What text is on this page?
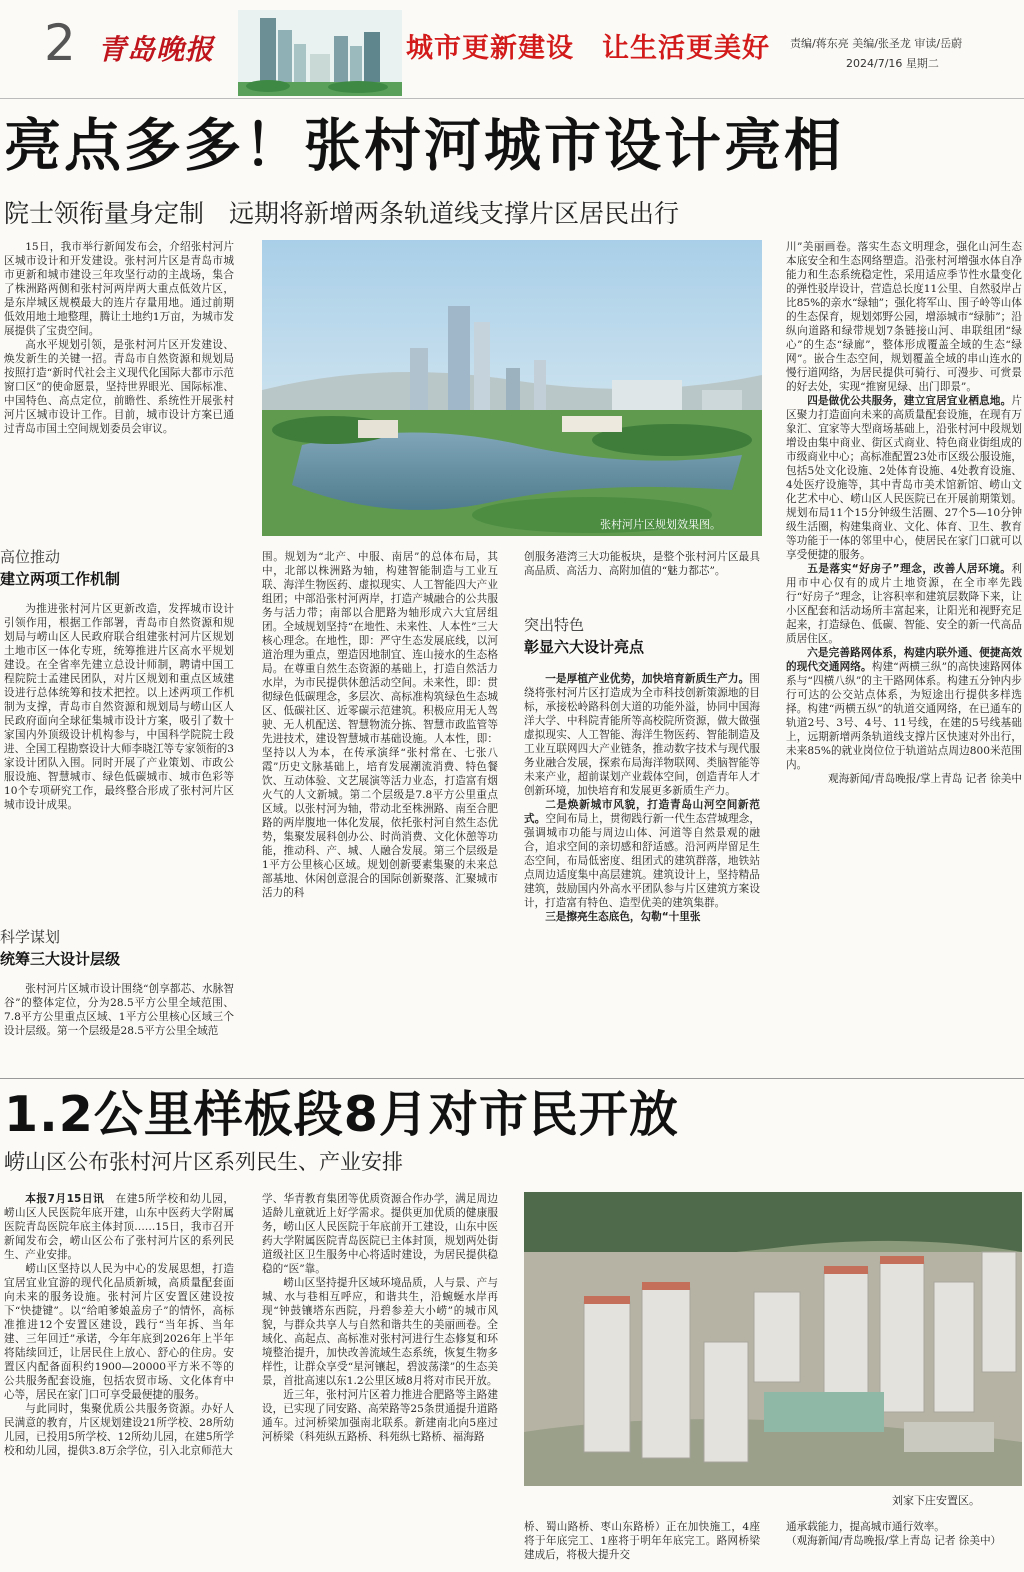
2 青岛晚报	城市更新建设　让生活更美好 责编/蒋东亮 美编/张圣龙 审读/岳蔚
2024/7/16 星期二
亮点多多！张村河城市设计亮相
院士领衔量身定制　远期将新增两条轨道线支撑片区居民出行

15日，我市举行新闻发布会，介绍张村河片区城市设计和开发建设。张村河片区是青岛市城市更新和城市建设三年攻坚行动的主战场，集合了株洲路两侧和张村河两岸两大重点低效片区，是东岸城区规模最大的连片存量用地。通过前期低效用地土地整理，腾让土地约1万亩，为城市发展提供了宝贵空间。

高水平规划引领，是张村河片区开发建设、焕发新生的关键一招。青岛市自然资源和规划局按照打造“新时代社会主义现代化国际大都市示范窗口区”的使命愿景，坚持世界眼光、国际标准、中国特色、高点定位，前瞻性、系统性开展张村河片区城市设计工作。目前，城市设计方案已通过青岛市国土空间规划委员会审议。

高位推动
建立两项工作机制

为推进张村河片区更新改造，发挥城市设计引领作用，根据工作部署，青岛市自然资源和规划局与崂山区人民政府联合组建张村河片区规划土地市区一体化专班，统筹推进片区高水平规划建设。在全省率先建立总设计师制，聘请中国工程院院士孟建民团队，对片区规划和重点区域建设进行总体统筹和技术把控。以上述两项工作机制为支撑，青岛市自然资源和规划局与崂山区人民政府面向全球征集城市设计方案，吸引了数十家国内外顶级设计机构参与，中国科学院院士段进、全国工程勘察设计大师李晓江等专家领衔的3家设计团队入围。同时开展了产业策划、市政公服设施、智慧城市、绿色低碳城市、城市色彩等10个专项研究工作，最终整合形成了张村河片区城市设计成果。

科学谋划
统筹三大设计层级

张村河片区城市设计围绕“创享都芯、水脉智谷”的整体定位，分为28.5平方公里全域范围、7.8平方公里重点区域、1平方公里核心区域三个设计层级。第一个层级是28.5平方公里全域范

张村河片区规划效果图。

围。规划为“北产、中服、南居”的总体布局，其中，北部以株洲路为轴，构建智能制造与工业互联、海洋生物医药、虚拟现实、人工智能四大产业组团；中部沿张村河两岸，打造产城融合的公共服务与活力带；南部以合肥路为轴形成六大宜居组团。全域规划坚持“在地性、未来性、人本性”三大核心理念。在地性，即：严守生态发展底线，以河道治理为重点，塑造因地制宜、连山接水的生态格局。在尊重自然生态资源的基础上，打造自然活力水岸，为市民提供休憩活动空间。未来性，即：贯彻绿色低碳理念，多层次、高标准构筑绿色生态城区、低碳社区、近零碳示范建筑。积极应用无人驾驶、无人机配送、智慧物流分拣、智慧市政监管等先进技术，建设智慧城市基础设施。人本性，即：坚持以人为本，在传承演绎“张村常在、七张八霞”历史文脉基础上，培育发展潮流消费、特色餐饮、互动体验、文艺展演等活力业态，打造富有烟火气的人文新城。第二个层级是7.8平方公里重点区域。以张村河为轴，带动北至株洲路、南至合肥路的两岸腹地一体化发展，依托张村河自然生态优势，集聚发展科创办公、时尚消费、文化休憩等功能，推动科、产、城、人融合发展。第三个层级是1平方公里核心区域。规划创新要素集聚的未来总部基地、休闲创意混合的国际创新聚落、汇聚城市活力的科

创服务港湾三大功能板块，是整个张村河片区最具高品质、高活力、高附加值的“魅力都芯”。

突出特色
彰显六大设计亮点

一是厚植产业优势，加快培育新质生产力。围绕将张村河片区打造成为全市科技创新策源地的目标，承接松岭路科创大道的功能外溢，协同中国海洋大学、中科院青能所等高校院所资源，做大做强虚拟现实、人工智能、海洋生物医药、智能制造及工业互联网四大产业链条，推动数字技术与现代服务业融合发展，探索布局海洋物联网、类脑智能等未来产业，超前谋划产业载体空间，创造青年人才创新环境，加快培育和发展更多新质生产力。

二是焕新城市风貌，打造青岛山河空间新范式。空间布局上，贯彻践行新一代生态营城理念，强调城市功能与周边山体、河道等自然景观的融合，追求空间的亲切感和舒适感。沿河两岸留足生态空间，布局低密度、组团式的建筑群落，地铁站点周边适度集中高层建筑。建筑设计上，坚持精品建筑，鼓励国内外高水平团队参与片区建筑方案设计，打造富有特色、造型优美的建筑集群。

三是擦亮生态底色，勾勒“十里张

川”美丽画卷。落实生态文明理念，强化山河生态本底安全和生态网络塑造。沿张村河增强水体自净能力和生态系统稳定性，采用适应季节性水量变化的弹性驳岸设计，营造总长度11公里、自然驳岸占比85%的亲水“绿轴”；强化将军山、围子岭等山体的生态保育，规划郊野公园，增添城市“绿肺”；沿纵向道路和绿带规划7条链接山河、串联组团“绿心”的生态“绿廊”，整体形成覆盖全域的生态“绿网”。嵌合生态空间，规划覆盖全域的串山连水的慢行道网络，为居民提供可骑行、可漫步、可赏景的好去处，实现“推窗见绿、出门即景”。

四是做优公共服务，建立宜居宜业栖息地。片区聚力打造面向未来的高质量配套设施，在现有万象汇、宜家等大型商场基础上，沿张村河中段规划增设由集中商业、街区式商业、特色商业街组成的市级商业中心；高标准配置23处市区级公服设施，包括5处文化设施、2处体育设施、4处教育设施、4处医疗设施等，其中青岛市美术馆新馆、崂山文化艺术中心、崂山区人民医院已在开展前期策划。规划布局11个15分钟级生活圈、27个5—10分钟级生活圈，构建集商业、文化、体育、卫生、教育等功能于一体的邻里中心，使居民在家门口就可以享受便捷的服务。

五是落实“好房子”理念，改善人居环境。利用市中心仅有的成片土地资源，在全市率先践行“好房子”理念，让容积率和建筑层数降下来，让小区配套和活动场所丰富起来，让阳光和视野充足起来，打造绿色、低碳、智能、安全的新一代高品质居住区。

六是完善路网体系，构建内联外通、便捷高效的现代交通网络。构建“两横三纵”的高快速路网体系与“四横八纵”的主干路网体系。构建五分钟内步行可达的公交站点体系，为短途出行提供多样选择。构建“两横五纵”的轨道交通网络，在已通车的轨道2号、3号、4号、11号线，在建的5号线基础上，远期新增两条轨道线支撑片区快速对外出行，未来85%的就业岗位位于轨道站点周边800米范围内。

观海新闻/青岛晚报/掌上青岛 记者 徐美中

1.2公里样板段8月对市民开放
崂山区公布张村河片区系列民生、产业安排

本报7月15日讯　 在建5所学校和幼儿园，崂山区人民医院年底开建，山东中医药大学附属医院青岛医院年底主体封顶……15日，我市召开新闻发布会，崂山区公布了张村河片区的系列民生、产业安排。

崂山区坚持以人民为中心的发展思想，打造宜居宜业宜游的现代化品质新城，高质量配套面向未来的服务设施。张村河片区安置区建设按下“快捷键”。以“给咱爹娘盖房子”的情怀，高标准推进12个安置区建设，践行“当年拆、当年建、三年回迁”承诺，今年年底到2026年上半年将陆续回迁，让居民住上放心、舒心的住房。安置区内配备面积约1900—20000平方米不等的公共服务配套设施，包括农贸市场、文化体育中心等，居民在家门口可享受最便捷的服务。

与此同时，集聚优质公共服务资源。办好人民满意的教育，片区规划建设21所学校、28所幼儿园，已投用5所学校、12所幼儿园，在建5所学校和幼儿园，提供3.8万余学位，引入北京师范大

学、华青教育集团等优质资源合作办学，满足周边适龄儿童就近上好学需求。提供更加优质的健康服务，崂山区人民医院于年底前开工建设，山东中医药大学附属医院青岛医院已主体封顶，规划两处街道级社区卫生服务中心将适时建设，为居民提供稳稳的“医”靠。

崂山区坚持提升区域环境品质，人与景、产与城、水与巷相互呼应，和谐共生，沿蜿蜒水岸再现“钟鼓镶塔东西院，丹碧参差大小崂”的城市风貌，与群众共享人与自然和谐共生的美丽画卷。全域化、高起点、高标准对张村河进行生态修复和环境整治提升，加快改善流域生态系统，恢复生物多样性，让群众享受“星河镶起，碧波荡漾”的生态美景，首批高速以东1.2公里区域8月将对市民开放。

近三年，张村河片区着力推进合肥路等主路建设，已实现了同安路、高荣路等25条贯通提升道路通车。过河桥梁加强南北联系。新建南北向5座过河桥梁（科苑纵五路桥、科苑纵七路桥、福海路

刘家下庄安置区。

桥、蜀山路桥、枣山东路桥）正在加快施工，4座将于年底完工、1座将于明年年底完工。路网桥梁建成后，将极大提升交

通承载能力，提高城市通行效率。

（观海新闻/青岛晚报/掌上青岛 记者 徐美中）
